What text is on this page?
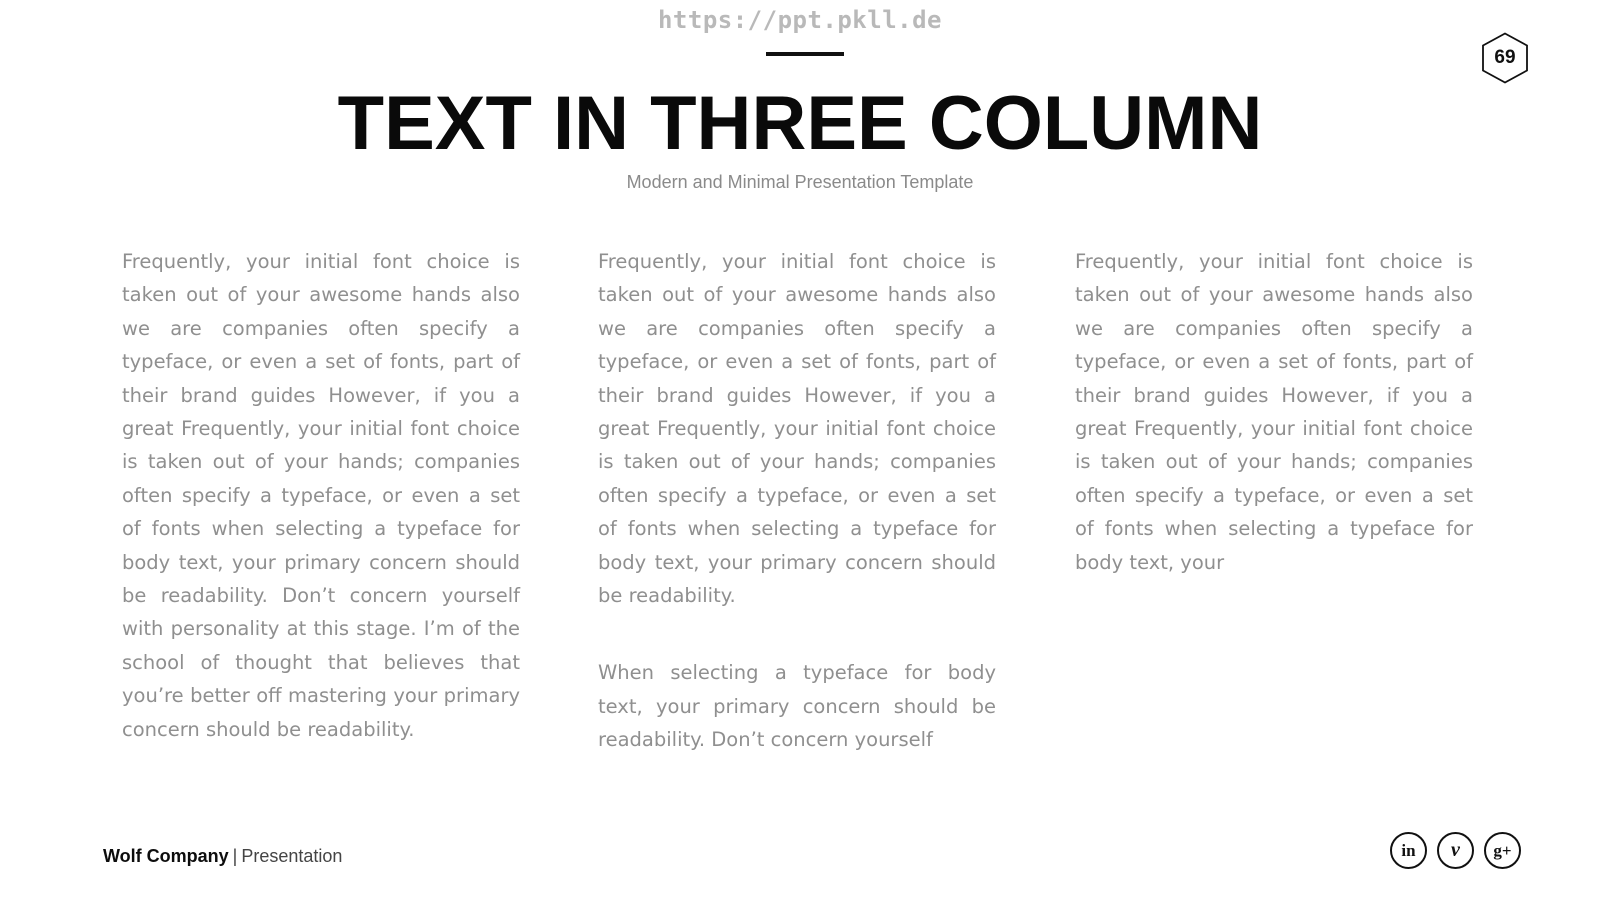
https://ppt.pkll.de
69
TEXT IN THREE COLUMN
Modern and Minimal Presentation Template

Frequently, your initial font choice is taken out of your awesome hands also we are companies often specify a typeface, or even a set of fonts, part of their brand guides However, if you a great Frequently, your initial font choice is taken out of your hands; companies often specify a typeface, or even a set of fonts when selecting a typeface for body text, your primary concern should be readability. Don’t concern yourself with personality at this stage. I’m of the school of thought that believes that you’re better off mastering your primary concern should be readability.

Frequently, your initial font choice is taken out of your awesome hands also we are companies often specify a typeface, or even a set of fonts, part of their brand guides However, if you a great Frequently, your initial font choice is taken out of your hands; companies often specify a typeface, or even a set of fonts when selecting a typeface for body text, your primary concern should be readability.

When selecting a typeface for body text, your primary concern should be readability. Don’t concern yourself

Frequently, your initial font choice is taken out of your awesome hands also we are companies often specify a typeface, or even a set of fonts, part of their brand guides However, if you a great Frequently, your initial font choice is taken out of your hands; companies often specify a typeface, or even a set of fonts when selecting a typeface for body text, your

Wolf Company | Presentation	in v g+
